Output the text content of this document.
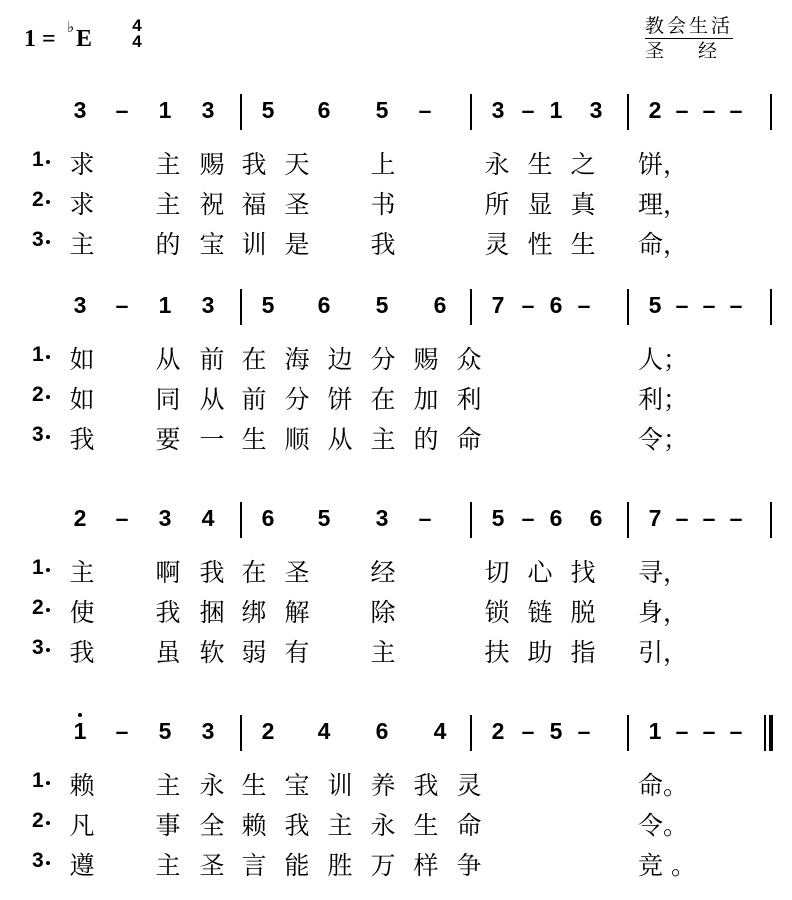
1 = ♭ E
4
4
教会生活
圣 经
3	–	1	3	5	6	5	–	3 – 1	3	2 – – –
1 求 主 赐 我 天 上	永 生 之 饼，
2 求 主 祝 福 圣 书	所 显 真 理，
3 主 的 宝 训 是 我	灵 性 生 命，
3	–	1	3	5	6	5	6	7 – 6 –	5 – – –
1 如 从 前 在 海 边 分 赐 众	人；
2 如 同 从 前 分 饼 在 加 利	利；
3 我 要 一 生 顺 从 主 的 命	令；
2	–	3	4	6	5	3	–	5 – 6	6	7 – – –
1 主 啊 我 在 圣 经	切 心 找 寻，
2 使 我 捆 绑 解 除	锁 链 脱 身，
3 我 虽 软 弱 有 主	扶 助 指 引，
1	–	5	3	2	4	6	4	2 – 5 –	1 – – –
1 赖 主 永 生 宝 训 养 我 灵	命。
2 凡 事 全 赖 我 主 永 生 命	令。
3 遵 主 圣 言 能 胜 万 样 争	竞 。
